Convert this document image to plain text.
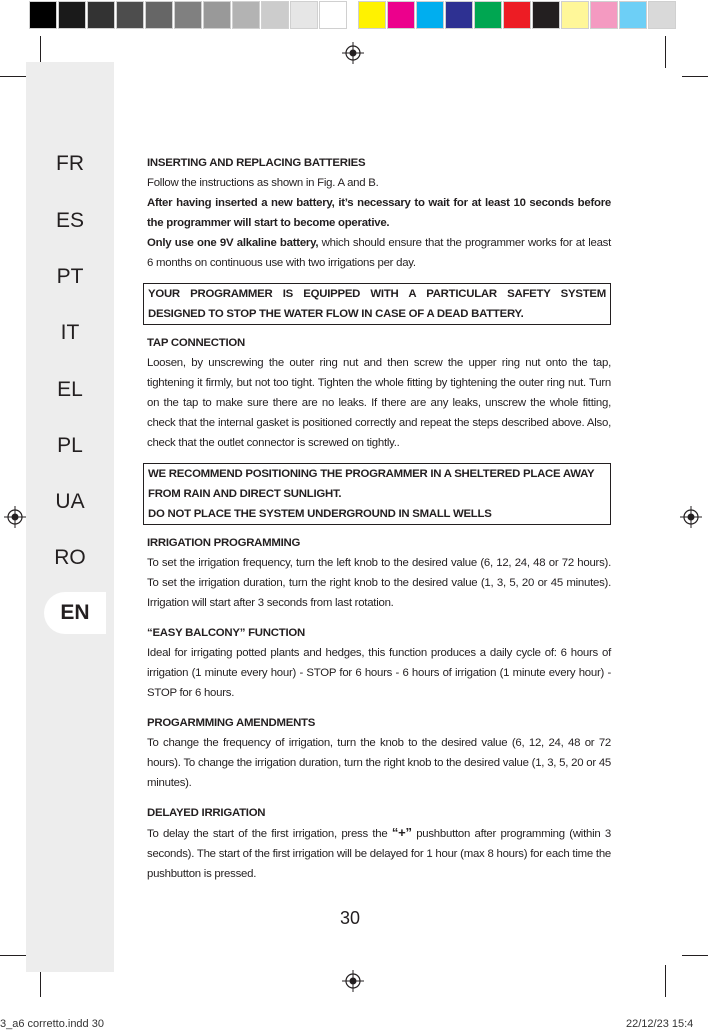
FR
ES
PT
IT
EL
PL
UA
RO
EN

INSERTING AND REPLACING BATTERIES

Follow the instructions as shown in Fig. A and B.

After having inserted a new battery, it’s necessary to wait for at least 10 seconds before the programmer will start to become operative.

Only use one 9V alkaline battery, which should ensure that the programmer works for at least 6 months on continuous use with two irrigations per day.

YOUR PROGRAMMER IS EQUIPPED WITH A PARTICULAR SAFETY SYSTEM DESIGNED TO STOP THE WATER FLOW IN CASE OF A DEAD BATTERY.

TAP CONNECTION

Loosen, by unscrewing the outer ring nut and then screw the upper ring nut onto the tap, tightening it firmly, but not too tight. Tighten the whole fitting by tightening the outer ring nut. Turn on the tap to make sure there are no leaks. If there are any leaks, unscrew the whole fitting, check that the internal gasket is positioned correctly and repeat the steps described above. Also, check that the outlet connector is screwed on tightly..

WE RECOMMEND POSITIONING THE PROGRAMMER IN A SHELTERED PLACE AWAY FROM RAIN AND DIRECT SUNLIGHT.

DO NOT PLACE THE SYSTEM UNDERGROUND IN SMALL WELLS

IRRIGATION PROGRAMMING

To set the irrigation frequency, turn the left knob to the desired value (6, 12, 24, 48 or 72 hours). To set the irrigation duration, turn the right knob to the desired value (1, 3, 5, 20 or 45 minutes). Irrigation will start after 3 seconds from last rotation.

“EASY BALCONY” FUNCTION

Ideal for irrigating potted plants and hedges, this function produces a daily cycle of: 6 hours of irrigation (1 minute every hour) - STOP for 6 hours - 6 hours of irrigation (1 minute every hour) - STOP for 6 hours.

PROGARMMING AMENDMENTS

To change the frequency of irrigation, turn the knob to the desired value (6, 12, 24, 48 or 72 hours). To change the irrigation duration, turn the right knob to the desired value (1, 3, 5, 20 or 45 minutes).

DELAYED IRRIGATION

To delay the start of the first irrigation, press the “+” pushbutton after programming (within 3 seconds). The start of the first irrigation will be delayed for 1 hour (max 8 hours) for each time the pushbutton is pressed.

30
3_a6 corretto.indd 30	22/12/23 15:4
